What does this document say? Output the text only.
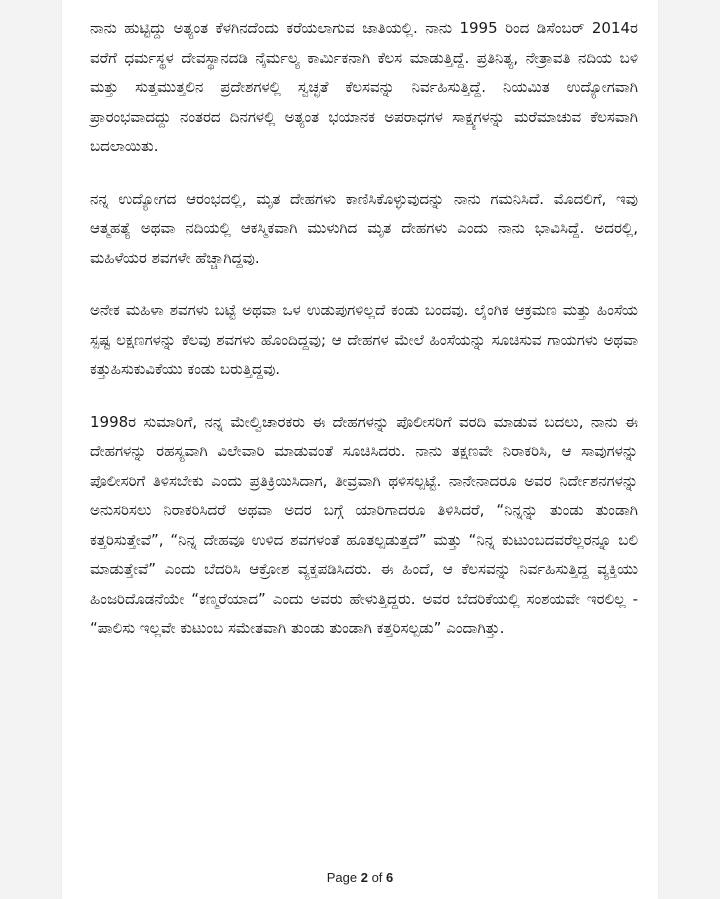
ನಾನು ಹುಟ್ಟಿದ್ದು ಅತ್ಯಂತ ಕೆಳಗಿನದೆಂದು ಕರೆಯಲಾಗುವ ಜಾತಿಯಲ್ಲಿ. ನಾನು 1995 ರಿಂದ ಡಿಸೆಂಬರ್ 2014ರ ವರೆಗೆ ಧರ್ಮಸ್ಥಳ ದೇವಸ್ಥಾನದಡಿ ನೈರ್ಮಲ್ಯ ಕಾರ್ಮಿಕನಾಗಿ ಕೆಲಸ ಮಾಡುತ್ತಿದ್ದೆ. ಪ್ರತಿನಿತ್ಯ, ನೇತ್ರಾವತಿ ನದಿಯ ಬಳಿ ಮತ್ತು ಸುತ್ತಮುತ್ತಲಿನ ಪ್ರದೇಶಗಳಲ್ಲಿ ಸ್ವಚ್ಛತೆ ಕೆಲಸವನ್ನು ನಿರ್ವಹಿಸುತ್ತಿದ್ದೆ. ನಿಯಮಿತ ಉದ್ಯೋಗವಾಗಿ ಪ್ರಾರಂಭವಾದದ್ದು ನಂತರದ ದಿನಗಳಲ್ಲಿ ಅತ್ಯಂತ ಭಯಾನಕ ಅಪರಾಧಗಳ ಸಾಕ್ಷ್ಯಗಳನ್ನು ಮರೆಮಾಚುವ ಕೆಲಸವಾಗಿ ಬದಲಾಯಿತು.

ನನ್ನ ಉದ್ಯೋಗದ ಆರಂಭದಲ್ಲಿ, ಮೃತ ದೇಹಗಳು ಕಾಣಿಸಿಕೊಳ್ಳುವುದನ್ನು ನಾನು ಗಮನಿಸಿದೆ. ಮೊದಲಿಗೆ, ಇವು ಆತ್ಮಹತ್ಯೆ ಅಥವಾ ನದಿಯಲ್ಲಿ ಆಕಸ್ಮಿಕವಾಗಿ ಮುಳುಗಿದ ಮೃತ ದೇಹಗಳು ಎಂದು ನಾನು ಭಾವಿಸಿದ್ದೆ. ಅದರಲ್ಲಿ, ಮಹಿಳೆಯರ ಶವಗಳೇ ಹೆಚ್ಚಾಗಿದ್ದವು.

ಅನೇಕ ಮಹಿಳಾ ಶವಗಳು ಬಟ್ಟೆ ಅಥವಾ ಒಳ ಉಡುಪುಗಳಿಲ್ಲದೆ ಕಂಡು ಬಂದವು. ಲೈಂಗಿಕ ಆಕ್ರಮಣ ಮತ್ತು ಹಿಂಸೆಯ ಸ್ಪಷ್ಟ ಲಕ್ಷಣಗಳನ್ನು ಕೆಲವು ಶವಗಳು ಹೊಂದಿದ್ದವು; ಆ ದೇಹಗಳ ಮೇಲೆ ಹಿಂಸೆಯನ್ನು ಸೂಚಿಸುವ ಗಾಯಗಳು ಅಥವಾ ಕತ್ತುಹಿಸುಕುವಿಕೆಯು ಕಂಡು ಬರುತ್ತಿದ್ದವು.

1998ರ ಸುಮಾರಿಗೆ, ನನ್ನ ಮೇಲ್ವಿಚಾರಕರು ಈ ದೇಹಗಳನ್ನು ಪೊಲೀಸರಿಗೆ ವರದಿ ಮಾಡುವ ಬದಲು, ನಾನು ಈ ದೇಹಗಳನ್ನು ರಹಸ್ಯವಾಗಿ ವಿಲೇವಾರಿ ಮಾಡುವಂತೆ ಸೂಚಿಸಿದರು. ನಾನು ತಕ್ಷಣವೇ ನಿರಾಕರಿಸಿ, ಆ ಸಾವುಗಳನ್ನು ಪೊಲೀಸರಿಗೆ ತಿಳಿಸಬೇಕು ಎಂದು ಪ್ರತಿಕ್ರಿಯಿಸಿದಾಗ, ತೀವ್ರವಾಗಿ ಥಳಿಸಲ್ಪಟ್ಟೆ. ನಾನೇನಾದರೂ ಅವರ ನಿರ್ದೇಶನಗಳನ್ನು ಅನುಸರಿಸಲು ನಿರಾಕರಿಸಿದರೆ ಅಥವಾ ಅದರ ಬಗ್ಗೆ ಯಾರಿಗಾದರೂ ತಿಳಿಸಿದರೆ, “ನಿನ್ನನ್ನು ತುಂಡು ತುಂಡಾಗಿ ಕತ್ತರಿಸುತ್ತೇವೆ”, “ನಿನ್ನ ದೇಹವೂ ಉಳಿದ ಶವಗಳಂತೆ ಹೂತಲ್ಪಡುತ್ತದೆ” ಮತ್ತು “ನಿನ್ನ ಕುಟುಂಬದವರೆಲ್ಲರನ್ನೂ ಬಲಿ ಮಾಡುತ್ತೇವೆ” ಎಂದು ಬೆದರಿಸಿ ಆಕ್ರೋಶ ವ್ಯಕ್ತಪಡಿಸಿದರು. ಈ ಹಿಂದೆ, ಆ ಕೆಲಸವನ್ನು ನಿರ್ವಹಿಸುತ್ತಿದ್ದ ವ್ಯಕ್ತಿಯು ಹಿಂಜರಿದೊಡನೆಯೇ “ಕಣ್ಮರೆಯಾದ” ಎಂದು ಅವರು ಹೇಳುತ್ತಿದ್ದರು. ಅವರ ಬೆದರಿಕೆಯಲ್ಲಿ ಸಂಶಯವೇ ಇರಲಿಲ್ಲ - “ಪಾಲಿಸು ಇಲ್ಲವೇ ಕುಟುಂಬ ಸಮೇತವಾಗಿ ತುಂಡು ತುಂಡಾಗಿ ಕತ್ತರಿಸಲ್ಪಡು” ಎಂದಾಗಿತ್ತು.

Page 2 of 6
